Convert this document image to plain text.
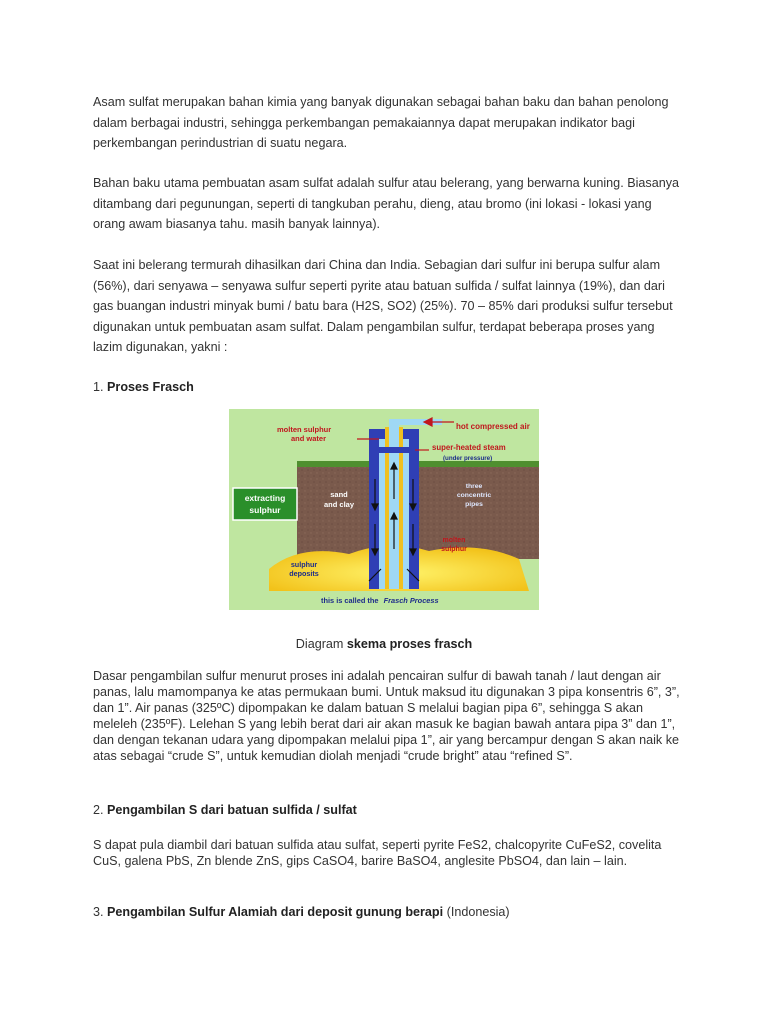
Asam sulfat merupakan bahan kimia yang banyak digunakan sebagai bahan baku dan bahan penolong dalam berbagai industri, sehingga perkembangan pemakaiannya dapat merupakan indikator bagi perkembangan perindustrian di suatu negara.

Bahan baku utama pembuatan asam sulfat adalah sulfur atau belerang, yang berwarna kuning. Biasanya ditambang dari pegunungan, seperti di tangkuban perahu, dieng, atau bromo (ini lokasi - lokasi yang orang awam biasanya tahu. masih banyak lainnya).

Saat ini belerang termurah dihasilkan dari China dan India. Sebagian dari sulfur ini berupa sulfur alam (56%), dari senyawa – senyawa sulfur seperti pyrite atau batuan sulfida / sulfat lainnya (19%), dan dari gas buangan industri minyak bumi / batu bara (H2S, SO2) (25%). 70 – 85% dari produksi sulfur tersebut digunakan untuk pembuatan asam sulfat. Dalam pengambilan sulfur, terdapat beberapa proses yang lazim digunakan, yakni :

1. Proses Frasch

molten sulphur
and water
hot compressed air
super-heated steam
(under pressure)
extracting
sulphur
sand
and clay
three
concentric
pipes
molten
sulphur
sulphur
deposits
this is called the Frasch Process
Diagram skema proses frasch

Dasar pengambilan sulfur menurut proses ini adalah pencairan sulfur di bawah tanah / laut dengan air panas, lalu mamompanya ke atas permukaan bumi. Untuk maksud itu digunakan 3 pipa konsentris 6”, 3”, dan 1”. Air panas (325ºC) dipompakan ke dalam batuan S melalui bagian pipa 6”, sehingga S akan meleleh (235ºF). Lelehan S yang lebih berat dari air akan masuk ke bagian bawah antara pipa 3” dan 1”, dan dengan tekanan udara yang dipompakan melalui pipa 1”, air yang bercampur dengan S akan naik ke atas sebagai “crude S”, untuk kemudian diolah menjadi “crude bright” atau “refined S”.

2. Pengambilan S dari batuan sulfida / sulfat

S dapat pula diambil dari batuan sulfida atau sulfat, seperti pyrite FeS2, chalcopyrite CuFeS2, covelita CuS, galena PbS, Zn blende ZnS, gips CaSO4, barire BaSO4, anglesite PbSO4, dan lain – lain.

3. Pengambilan Sulfur Alamiah dari deposit gunung berapi (Indonesia)
